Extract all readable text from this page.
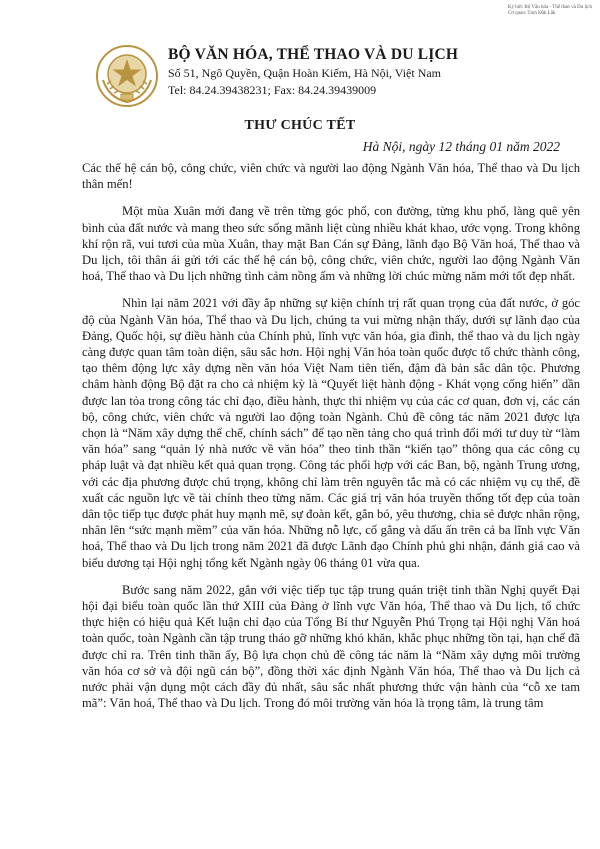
Ký bởi: Bộ Văn hóa - Thể thao và Du lịch
Cơ quan: Tỉnh Đắk Lắk

BỘ VĂN HÓA, THỂ THAO VÀ DU LỊCH

Số 51, Ngô Quyền, Quận Hoàn Kiếm, Hà Nội, Việt Nam

Tel: 84.24.39438231; Fax: 84.24.39439009

THƯ CHÚC TẾT
Hà Nội, ngày 12 tháng 01 năm 2022

Các thế hệ cán bộ, công chức, viên chức và người lao động Ngành Văn hóa, Thể thao và Du lịch thân mến!

Một mùa Xuân mới đang về trên từng góc phố, con đường, từng khu phố, làng quê yên bình của đất nước và mang theo sức sống mãnh liệt cùng nhiều khát khao, ước vọng. Trong không khí rộn rã, vui tươi của mùa Xuân, thay mặt Ban Cán sự Đảng, lãnh đạo Bộ Văn hoá, Thể thao và Du lịch, tôi thân ái gửi tới các thế hệ cán bộ, công chức, viên chức, người lao động Ngành Văn hoá, Thể thao và Du lịch những tình cảm nồng ấm và những lời chúc mừng năm mới tốt đẹp nhất.

Nhìn lại năm 2021 với đầy ắp những sự kiện chính trị rất quan trọng của đất nước, ở góc độ của Ngành Văn hóa, Thể thao và Du lịch, chúng ta vui mừng nhận thấy, dưới sự lãnh đạo của Đảng, Quốc hội, sự điều hành của Chính phủ, lĩnh vực văn hóa, gia đình, thể thao và du lịch ngày càng được quan tâm toàn diện, sâu sắc hơn. Hội nghị Văn hóa toàn quốc được tổ chức thành công, tạo thêm động lực xây dựng nền văn hóa Việt Nam tiên tiến, đậm đà bản sắc dân tộc. Phương châm hành động Bộ đặt ra cho cả nhiệm kỳ là “Quyết liệt hành động - Khát vọng cống hiến” dần được lan tỏa trong công tác chỉ đạo, điều hành, thực thi nhiệm vụ của các cơ quan, đơn vị, các cán bộ, công chức, viên chức và người lao động toàn Ngành. Chủ đề công tác năm 2021 được lựa chọn là “Năm xây dựng thể chế, chính sách” để tạo nền tảng cho quá trình đổi mới tư duy từ “làm văn hóa” sang “quản lý nhà nước về văn hóa” theo tinh thần “kiến tạo” thông qua các công cụ pháp luật và đạt nhiều kết quả quan trọng. Công tác phối hợp với các Ban, bộ, ngành Trung ương, với các địa phương được chú trọng, không chỉ làm trên nguyên tắc mà có các nhiệm vụ cụ thể, đề xuất các nguồn lực về tài chính theo từng năm. Các giá trị văn hóa truyền thống tốt đẹp của toàn dân tộc tiếp tục được phát huy mạnh mẽ, sự đoàn kết, gắn bó, yêu thương, chia sẻ được nhân rộng, nhân lên “sức mạnh mềm” của văn hóa. Những nỗ lực, cố gắng và dấu ấn trên cả ba lĩnh vực Văn hoá, Thể thao và Du lịch trong năm 2021 đã được Lãnh đạo Chính phủ ghi nhận, đánh giá cao và biểu dương tại Hội nghị tổng kết Ngành ngày 06 tháng 01 vừa qua.

Bước sang năm 2022, gắn với việc tiếp tục tập trung quán triệt tinh thần Nghị quyết Đại hội đại biểu toàn quốc lần thứ XIII của Đảng ở lĩnh vực Văn hóa, Thể thao và Du lịch, tổ chức thực hiện có hiệu quả Kết luận chỉ đạo của Tổng Bí thư Nguyễn Phú Trọng tại Hội nghị Văn hoá toàn quốc, toàn Ngành cần tập trung tháo gỡ những khó khăn, khắc phục những tồn tại, hạn chế đã được chỉ ra. Trên tinh thần ấy, Bộ lựa chọn chủ đề công tác năm là “Năm xây dựng môi trường văn hóa cơ sở và đội ngũ cán bộ”, đồng thời xác định Ngành Văn hóa, Thể thao và Du lịch cả nước phải vận dụng một cách đầy đủ nhất, sâu sắc nhất phương thức vận hành của “cỗ xe tam mã”: Văn hoá, Thể thao và Du lịch. Trong đó môi trường văn hóa là trọng tâm, là trung tâm
